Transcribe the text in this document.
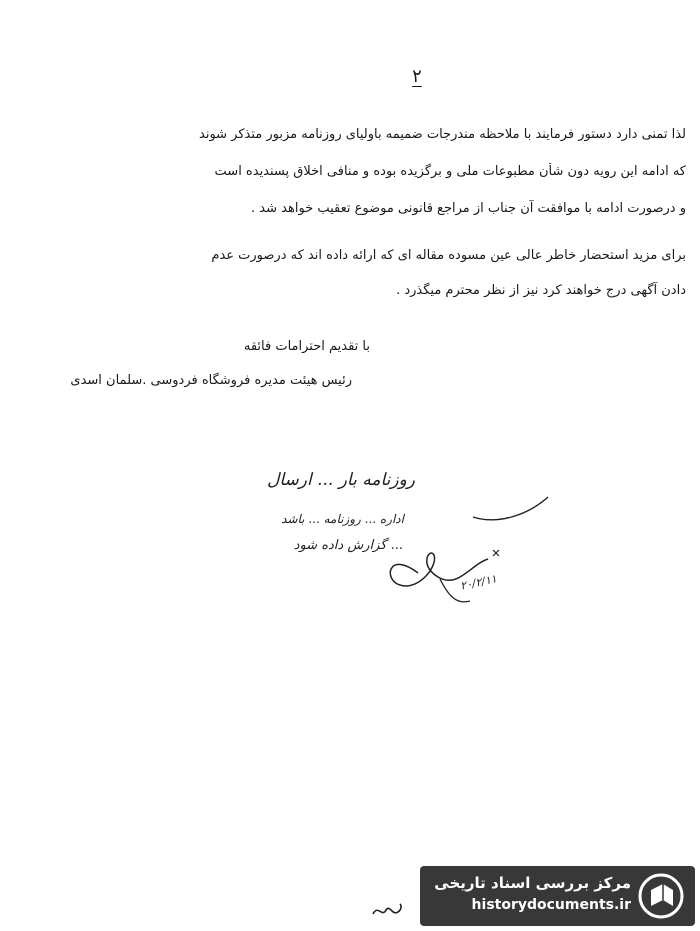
۲
لذا تمنی دارد دستور فرمایند با ملاحظه مندرجات ضمیمه باولیای روزنامه مزبور متذکر شوند
که ادامه این رویه دون شأن مطبوعات ملی و برگزیده بوده و منافی اخلاق پسندیده است
و درصورت ادامه با موافقت آن جناب از مراجع قانونی موضوع تعقیب خواهد شد .
برای مزید استحضار خاطر عالی عین مسوده مقاله ای که ارائه داده اند که درصورت عدم
دادن آگهی درج خواهند کرد نیز از نظر محترم میگذرد .
با تقدیم احترامات فائقه
رئیس هیئت مدیره فروشگاه فردوسی .سلمان اسدی
روزنامه بار ... ارسال
اداره ... روزنامه ... باشد
... گزارش داده شود
۲۰/۲/۱۱
مرکز بررسی اسناد تاریخی
historydocuments.ir
